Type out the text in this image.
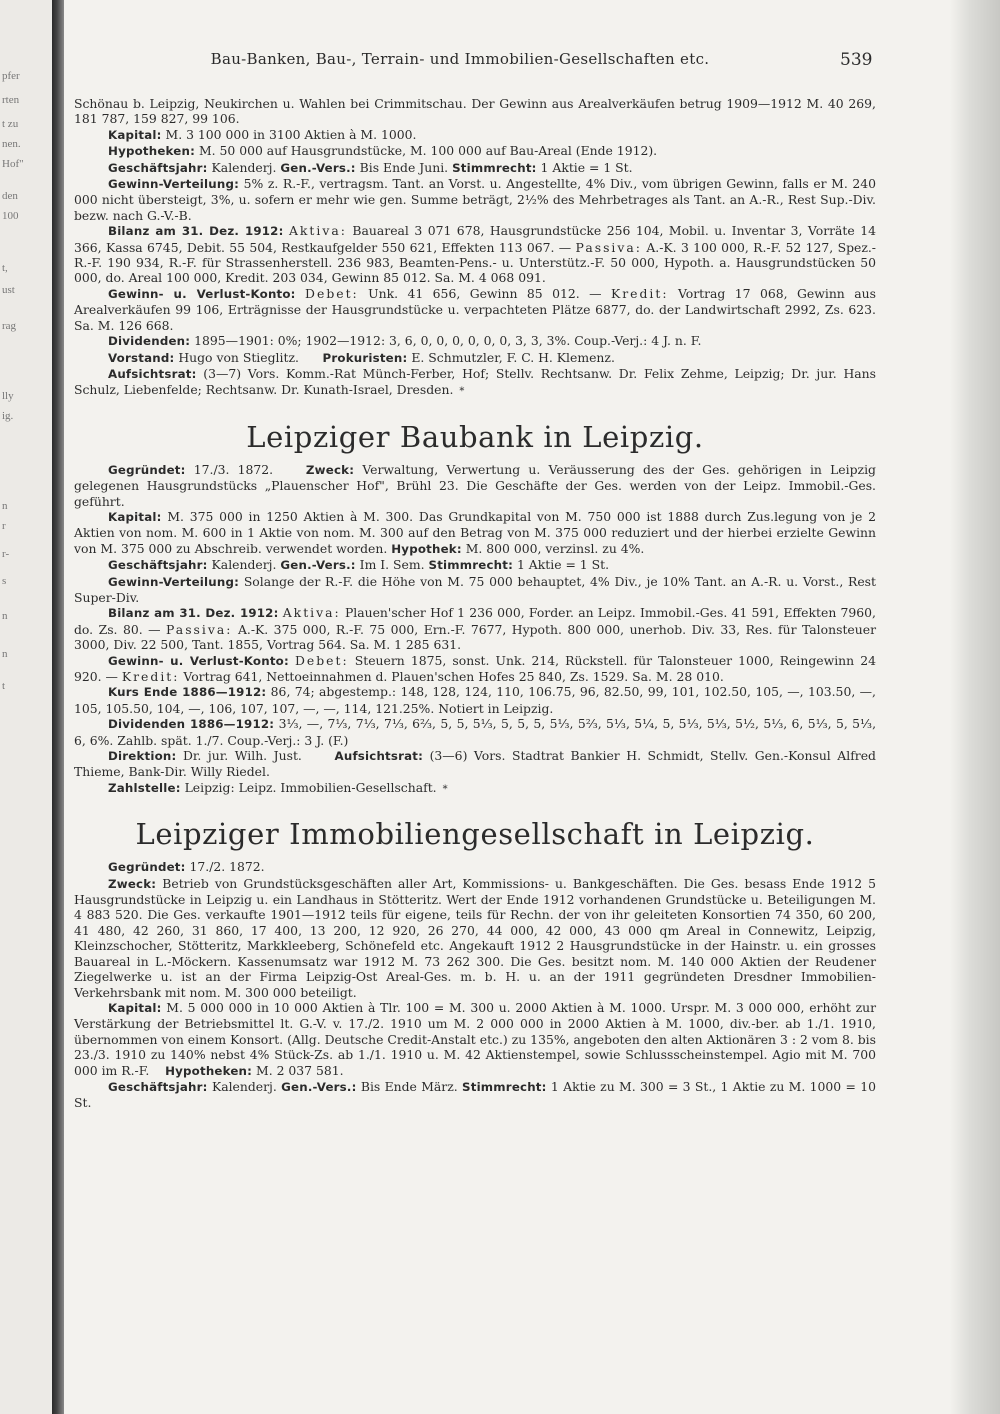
pfer
rten
t zu
nen.
Hof"
den
100
t,
ust
rag
lly
ig.
n
r
r-
s
n
n
t
Bau-Banken, Bau-, Terrain- und Immobilien-Gesellschaften etc.	539

Schönau b. Leipzig, Neukirchen u. Wahlen bei Crimmitschau. Der Gewinn aus Arealverkäufen betrug 1909—1912 M. 40 269, 181 787, 159 827, 99 106.

Kapital: M. 3 100 000 in 3100 Aktien à M. 1000.

Hypotheken: M. 50 000 auf Hausgrundstücke, M. 100 000 auf Bau-Areal (Ende 1912).

Geschäftsjahr: Kalenderj. Gen.-Vers.: Bis Ende Juni. Stimmrecht: 1 Aktie = 1 St.

Gewinn-Verteilung: 5% z. R.-F., vertragsm. Tant. an Vorst. u. Angestellte, 4% Div., vom übrigen Gewinn, falls er M. 240 000 nicht übersteigt, 3%, u. sofern er mehr wie gen. Summe beträgt, 2½% des Mehrbetrages als Tant. an A.-R., Rest Sup.-Div. bezw. nach G.-V.-B.

Bilanz am 31. Dez. 1912: Aktiva: Bauareal 3 071 678, Hausgrundstücke 256 104, Mobil. u. Inventar 3, Vorräte 14 366, Kassa 6745, Debit. 55 504, Restkaufgelder 550 621, Effekten 113 067. — Passiva: A.-K. 3 100 000, R.-F. 52 127, Spez.-R.-F. 190 934, R.-F. für Strassenherstell. 236 983, Beamten-Pens.- u. Unterstütz.-F. 50 000, Hypoth. a. Hausgrundstücken 50 000, do. Areal 100 000, Kredit. 203 034, Gewinn 85 012. Sa. M. 4 068 091.

Gewinn- u. Verlust-Konto: Debet: Unk. 41 656, Gewinn 85 012. — Kredit: Vortrag 17 068, Gewinn aus Arealverkäufen 99 106, Erträgnisse der Hausgrundstücke u. verpachteten Plätze 6877, do. der Landwirtschaft 2992, Zs. 623. Sa. M. 126 668.

Dividenden: 1895—1901: 0%; 1902—1912: 3, 6, 0, 0, 0, 0, 0, 0, 3, 3, 3%. Coup.-Verj.: 4 J. n. F.

Vorstand: Hugo von Stieglitz. Prokuristen: E. Schmutzler, F. C. H. Klemenz.

Aufsichtsrat: (3—7) Vors. Komm.-Rat Münch-Ferber, Hof; Stellv. Rechtsanw. Dr. Felix Zehme, Leipzig; Dr. jur. Hans Schulz, Liebenfelde; Rechtsanw. Dr. Kunath-Israel, Dresden. *

Leipziger Baubank in Leipzig.

Gegründet: 17./3. 1872.	Zweck: Verwaltung, Verwertung u. Veräusserung des der Ges. gehörigen in Leipzig gelegenen Hausgrundstücks „Plauenscher Hof", Brühl 23. Die Geschäfte der Ges. werden von der Leipz. Immobil.-Ges. geführt.

Kapital: M. 375 000 in 1250 Aktien à M. 300. Das Grundkapital von M. 750 000 ist 1888 durch Zus.legung von je 2 Aktien von nom. M. 600 in 1 Aktie von nom. M. 300 auf den Betrag von M. 375 000 reduziert und der hierbei erzielte Gewinn von M. 375 000 zu Abschreib. verwendet worden. Hypothek: M. 800 000, verzinsl. zu 4%.

Geschäftsjahr: Kalenderj. Gen.-Vers.: Im I. Sem. Stimmrecht: 1 Aktie = 1 St.

Gewinn-Verteilung: Solange der R.-F. die Höhe von M. 75 000 behauptet, 4% Div., je 10% Tant. an A.-R. u. Vorst., Rest Super-Div.

Bilanz am 31. Dez. 1912: Aktiva: Plauen'scher Hof 1 236 000, Forder. an Leipz. Immobil.-Ges. 41 591, Effekten 7960, do. Zs. 80. — Passiva: A.-K. 375 000, R.-F. 75 000, Ern.-F. 7677, Hypoth. 800 000, unerhob. Div. 33, Res. für Talonsteuer 3000, Div. 22 500, Tant. 1855, Vortrag 564. Sa. M. 1 285 631.

Gewinn- u. Verlust-Konto: Debet: Steuern 1875, sonst. Unk. 214, Rückstell. für Talonsteuer 1000, Reingewinn 24 920. — Kredit: Vortrag 641, Nettoeinnahmen d. Plauen'schen Hofes 25 840, Zs. 1529. Sa. M. 28 010.

Kurs Ende 1886—1912: 86, 74; abgestemp.: 148, 128, 124, 110, 106.75, 96, 82.50, 99, 101, 102.50, 105, —, 103.50, —, 105, 105.50, 104, —, 106, 107, 107, —, —, 114, 121.25%. Notiert in Leipzig.

Dividenden 1886—1912: 3⅓, —, 7⅓, 7⅓, 7⅓, 6⅔, 5, 5, 5⅓, 5, 5, 5, 5⅓, 5⅔, 5⅓, 5¼, 5, 5⅓, 5⅓, 5½, 5⅓, 6, 5⅓, 5, 5⅓, 6, 6%. Zahlb. spät. 1./7. Coup.-Verj.: 3 J. (F.)

Direktion: Dr. jur. Wilh. Just.	Aufsichtsrat: (3—6) Vors. Stadtrat Bankier H. Schmidt, Stellv. Gen.-Konsul Alfred Thieme, Bank-Dir. Willy Riedel.

Zahlstelle: Leipzig: Leipz. Immobilien-Gesellschaft. *

Leipziger Immobiliengesellschaft in Leipzig.

Gegründet: 17./2. 1872.

Zweck: Betrieb von Grundstücksgeschäften aller Art, Kommissions- u. Bankgeschäften. Die Ges. besass Ende 1912 5 Hausgrundstücke in Leipzig u. ein Landhaus in Stötteritz. Wert der Ende 1912 vorhandenen Grundstücke u. Beteiligungen M. 4 883 520. Die Ges. verkaufte 1901—1912 teils für eigene, teils für Rechn. der von ihr geleiteten Konsortien 74 350, 60 200, 41 480, 42 260, 31 860, 17 400, 13 200, 12 920, 26 270, 44 000, 42 000, 43 000 qm Areal in Connewitz, Leipzig, Kleinzschocher, Stötteritz, Markkleeberg, Schönefeld etc. Angekauft 1912 2 Hausgrundstücke in der Hainstr. u. ein grosses Bauareal in L.-Möckern. Kassenumsatz war 1912 M. 73 262 300. Die Ges. besitzt nom. M. 140 000 Aktien der Reudener Ziegelwerke u. ist an der Firma Leipzig-Ost Areal-Ges. m. b. H. u. an der 1911 gegründeten Dresdner Immobilien-Verkehrsbank mit nom. M. 300 000 beteiligt.

Kapital: M. 5 000 000 in 10 000 Aktien à Tlr. 100 = M. 300 u. 2000 Aktien à M. 1000. Urspr. M. 3 000 000, erhöht zur Verstärkung der Betriebsmittel lt. G.-V. v. 17./2. 1910 um M. 2 000 000 in 2000 Aktien à M. 1000, div.-ber. ab 1./1. 1910, übernommen von einem Konsort. (Allg. Deutsche Credit-Anstalt etc.) zu 135%, angeboten den alten Aktionären 3 : 2 vom 8. bis 23./3. 1910 zu 140% nebst 4% Stück-Zs. ab 1./1. 1910 u. M. 42 Aktienstempel, sowie Schlussscheinstempel. Agio mit M. 700 000 im R.-F. Hypotheken: M. 2 037 581.

Geschäftsjahr: Kalenderj. Gen.-Vers.: Bis Ende März. Stimmrecht: 1 Aktie zu M. 300 = 3 St., 1 Aktie zu M. 1000 = 10 St.
